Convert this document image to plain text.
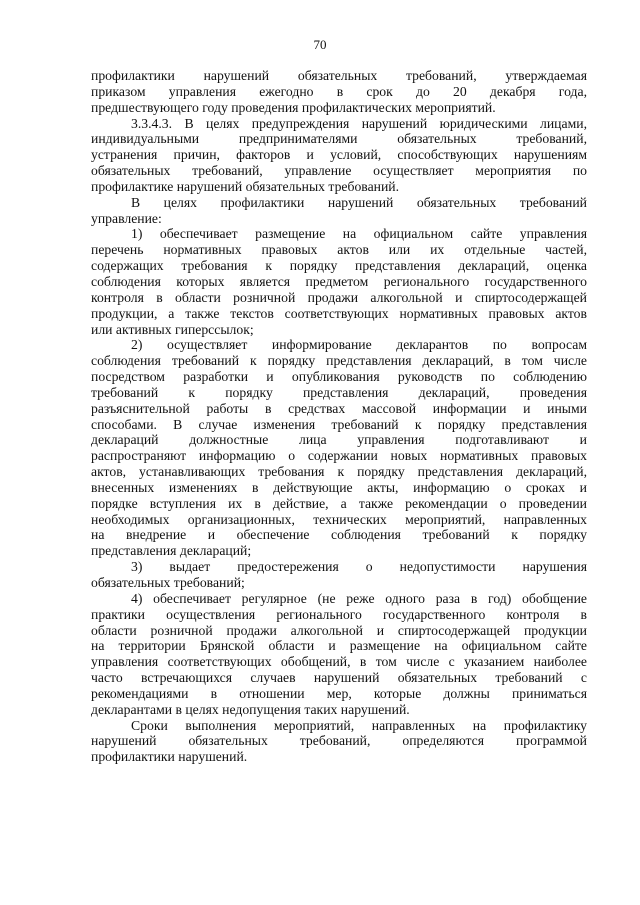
70
профилактики нарушений обязательных требований, утверждаемая
приказом управления ежегодно в срок до 20 декабря года,
предшествующего году проведения профилактических мероприятий.
3.3.4.3. В целях предупреждения нарушений юридическими лицами,
индивидуальными предпринимателями обязательных требований,
устранения причин, факторов и условий, способствующих нарушениям
обязательных требований, управление осуществляет мероприятия по
профилактике нарушений обязательных требований.
В целях профилактики нарушений обязательных требований
управление:
1) обеспечивает размещение на официальном сайте управления
перечень нормативных правовых актов или их отдельные частей,
содержащих требования к порядку представления деклараций, оценка
соблюдения которых является предметом регионального государственного
контроля в области розничной продажи алкогольной и спиртосодержащей
продукции, а также текстов соответствующих нормативных правовых актов
или активных гиперссылок;
2) осуществляет информирование декларантов по вопросам
соблюдения требований к порядку представления деклараций, в том числе
посредством разработки и опубликования руководств по соблюдению
требований к порядку представления деклараций, проведения
разъяснительной работы в средствах массовой информации и иными
способами. В случае изменения требований к порядку представления
деклараций должностные лица управления подготавливают и
распространяют информацию о содержании новых нормативных правовых
актов, устанавливающих требования к порядку представления деклараций,
внесенных изменениях в действующие акты, информацию о сроках и
порядке вступления их в действие, а также рекомендации о проведении
необходимых организационных, технических мероприятий, направленных
на внедрение и обеспечение соблюдения требований к порядку
представления деклараций;
3) выдает предостережения о недопустимости нарушения
обязательных требований;
4) обеспечивает регулярное (не реже одного раза в год) обобщение
практики осуществления регионального государственного контроля в
области розничной продажи алкогольной и спиртосодержащей продукции
на территории Брянской области и размещение на официальном сайте
управления соответствующих обобщений, в том числе с указанием наиболее
часто встречающихся случаев нарушений обязательных требований с
рекомендациями в отношении мер, которые должны приниматься
декларантами в целях недопущения таких нарушений.
Сроки выполнения мероприятий, направленных на профилактику
нарушений обязательных требований, определяются программой
профилактики нарушений.
